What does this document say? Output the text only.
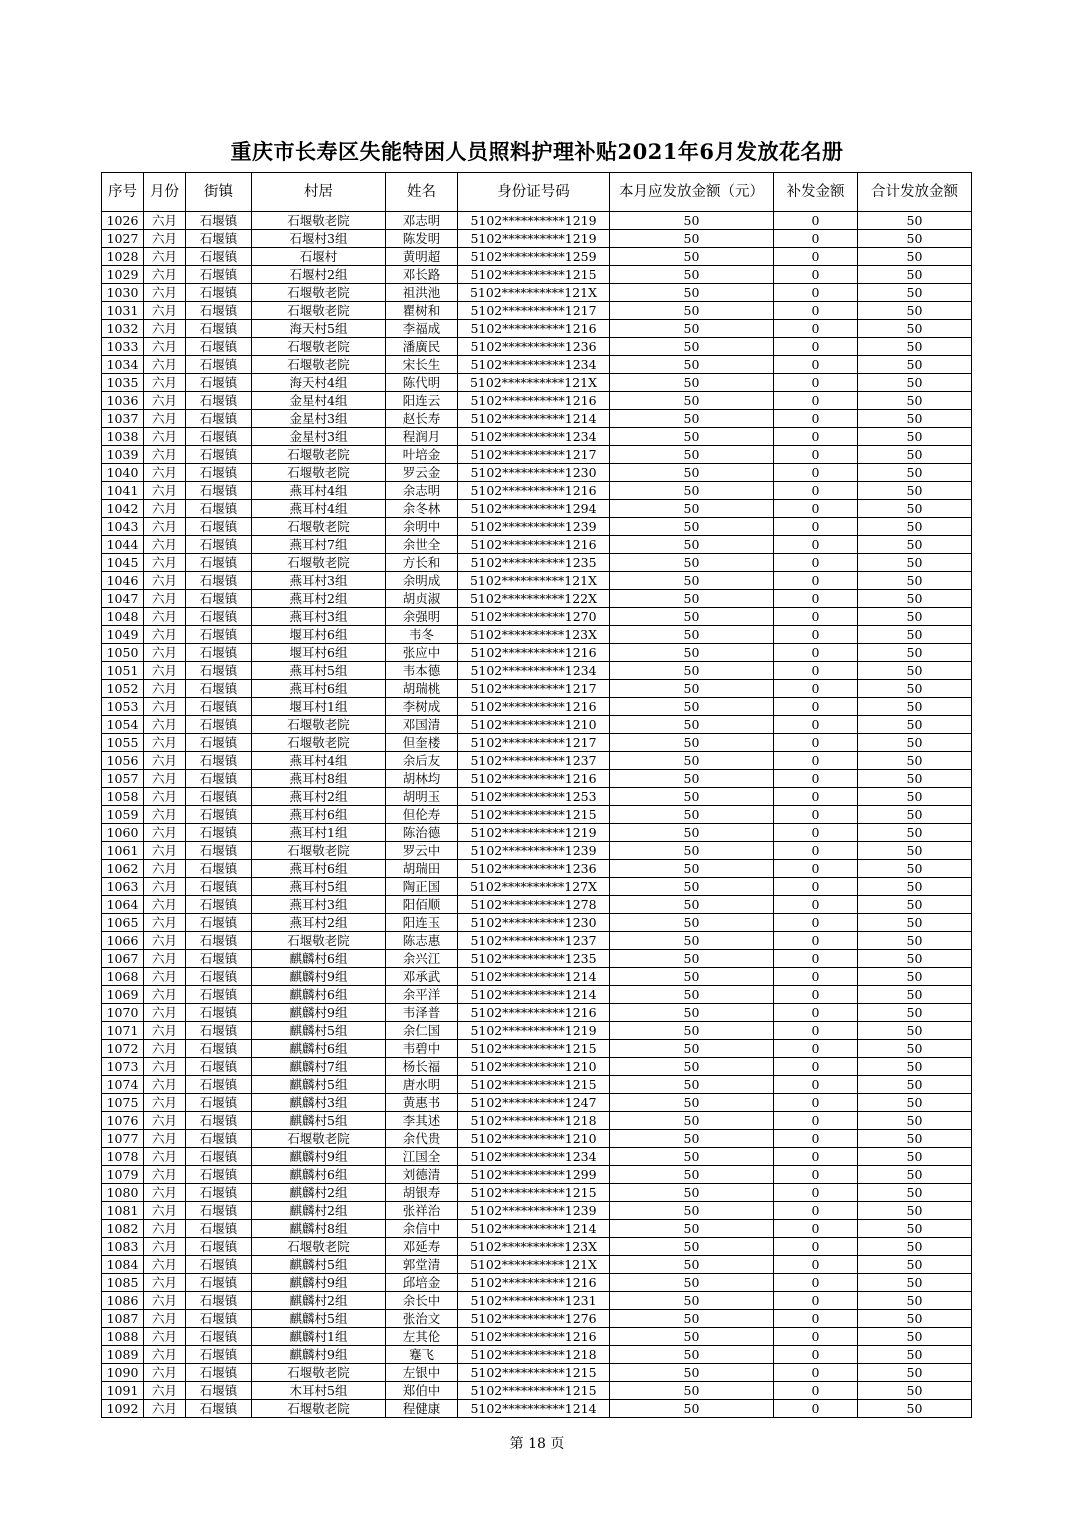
重庆市长寿区失能特困人员照料护理补贴2021年6月发放花名册
序号	月份	街镇	村居	姓名	身份证号码	本月应发放金额（元）	补发金额	合计发放金额
1026	六月	石堰镇	石堰敬老院	邓志明	5102**********1219	50	0	50
1027	六月	石堰镇	石堰村3组	陈发明	5102**********1219	50	0	50
1028	六月	石堰镇	石堰村	黄明超	5102**********1259	50	0	50
1029	六月	石堰镇	石堰村2组	邓长路	5102**********1215	50	0	50
1030	六月	石堰镇	石堰敬老院	祖洪池	5102**********121X	50	0	50
1031	六月	石堰镇	石堰敬老院	瞿树和	5102**********1217	50	0	50
1032	六月	石堰镇	海天村5组	李福成	5102**********1216	50	0	50
1033	六月	石堰镇	石堰敬老院	潘廣民	5102**********1236	50	0	50
1034	六月	石堰镇	石堰敬老院	宋长生	5102**********1234	50	0	50
1035	六月	石堰镇	海天村4组	陈代明	5102**********121X	50	0	50
1036	六月	石堰镇	金星村4组	阳连云	5102**********1216	50	0	50
1037	六月	石堰镇	金星村3组	赵长寿	5102**********1214	50	0	50
1038	六月	石堰镇	金星村3组	程润月	5102**********1234	50	0	50
1039	六月	石堰镇	石堰敬老院	叶培金	5102**********1217	50	0	50
1040	六月	石堰镇	石堰敬老院	罗云金	5102**********1230	50	0	50
1041	六月	石堰镇	燕耳村4组	余志明	5102**********1216	50	0	50
1042	六月	石堰镇	燕耳村4组	余冬林	5102**********1294	50	0	50
1043	六月	石堰镇	石堰敬老院	余明中	5102**********1239	50	0	50
1044	六月	石堰镇	燕耳村7组	余世全	5102**********1216	50	0	50
1045	六月	石堰镇	石堰敬老院	方长和	5102**********1235	50	0	50
1046	六月	石堰镇	燕耳村3组	余明成	5102**********121X	50	0	50
1047	六月	石堰镇	燕耳村2组	胡贞淑	5102**********122X	50	0	50
1048	六月	石堰镇	燕耳村3组	余强明	5102**********1270	50	0	50
1049	六月	石堰镇	堰耳村6组	韦冬	5102**********123X	50	0	50
1050	六月	石堰镇	堰耳村6组	张应中	5102**********1216	50	0	50
1051	六月	石堰镇	燕耳村5组	韦本德	5102**********1234	50	0	50
1052	六月	石堰镇	燕耳村6组	胡瑞桃	5102**********1217	50	0	50
1053	六月	石堰镇	堰耳村1组	李树成	5102**********1216	50	0	50
1054	六月	石堰镇	石堰敬老院	邓国清	5102**********1210	50	0	50
1055	六月	石堰镇	石堰敬老院	但奎楼	5102**********1217	50	0	50
1056	六月	石堰镇	燕耳村4组	余后友	5102**********1237	50	0	50
1057	六月	石堰镇	燕耳村8组	胡林均	5102**********1216	50	0	50
1058	六月	石堰镇	燕耳村2组	胡明玉	5102**********1253	50	0	50
1059	六月	石堰镇	燕耳村6组	但伦寿	5102**********1215	50	0	50
1060	六月	石堰镇	燕耳村1组	陈治德	5102**********1219	50	0	50
1061	六月	石堰镇	石堰敬老院	罗云中	5102**********1239	50	0	50
1062	六月	石堰镇	燕耳村6组	胡瑞田	5102**********1236	50	0	50
1063	六月	石堰镇	燕耳村5组	陶正国	5102**********127X	50	0	50
1064	六月	石堰镇	燕耳村3组	阳佰顺	5102**********1278	50	0	50
1065	六月	石堰镇	燕耳村2组	阳连玉	5102**********1230	50	0	50
1066	六月	石堰镇	石堰敬老院	陈志惠	5102**********1237	50	0	50
1067	六月	石堰镇	麒麟村6组	余兴江	5102**********1235	50	0	50
1068	六月	石堰镇	麒麟村9组	邓承武	5102**********1214	50	0	50
1069	六月	石堰镇	麒麟村6组	余平洋	5102**********1214	50	0	50
1070	六月	石堰镇	麒麟村9组	韦泽普	5102**********1216	50	0	50
1071	六月	石堰镇	麒麟村5组	余仁国	5102**********1219	50	0	50
1072	六月	石堰镇	麒麟村6组	韦碧中	5102**********1215	50	0	50
1073	六月	石堰镇	麒麟村7组	杨长福	5102**********1210	50	0	50
1074	六月	石堰镇	麒麟村5组	唐水明	5102**********1215	50	0	50
1075	六月	石堰镇	麒麟村3组	黄惠书	5102**********1247	50	0	50
1076	六月	石堰镇	麒麟村5组	李其述	5102**********1218	50	0	50
1077	六月	石堰镇	石堰敬老院	余代贵	5102**********1210	50	0	50
1078	六月	石堰镇	麒麟村9组	江国全	5102**********1234	50	0	50
1079	六月	石堰镇	麒麟村6组	刘德清	5102**********1299	50	0	50
1080	六月	石堰镇	麒麟村2组	胡银寿	5102**********1215	50	0	50
1081	六月	石堰镇	麒麟村2组	张祥治	5102**********1239	50	0	50
1082	六月	石堰镇	麒麟村8组	余信中	5102**********1214	50	0	50
1083	六月	石堰镇	石堰敬老院	邓延寿	5102**********123X	50	0	50
1084	六月	石堰镇	麒麟村5组	郭堂清	5102**********121X	50	0	50
1085	六月	石堰镇	麒麟村9组	邱培金	5102**********1216	50	0	50
1086	六月	石堰镇	麒麟村2组	余长中	5102**********1231	50	0	50
1087	六月	石堰镇	麒麟村5组	张治文	5102**********1276	50	0	50
1088	六月	石堰镇	麒麟村1组	左其伦	5102**********1216	50	0	50
1089	六月	石堰镇	麒麟村9组	蹇飞	5102**********1218	50	0	50
1090	六月	石堰镇	石堰敬老院	左银中	5102**********1215	50	0	50
1091	六月	石堰镇	木耳村5组	郑伯中	5102**********1215	50	0	50
1092	六月	石堰镇	石堰敬老院	程健康	5102**********1214	50	0	50
第 18 页
